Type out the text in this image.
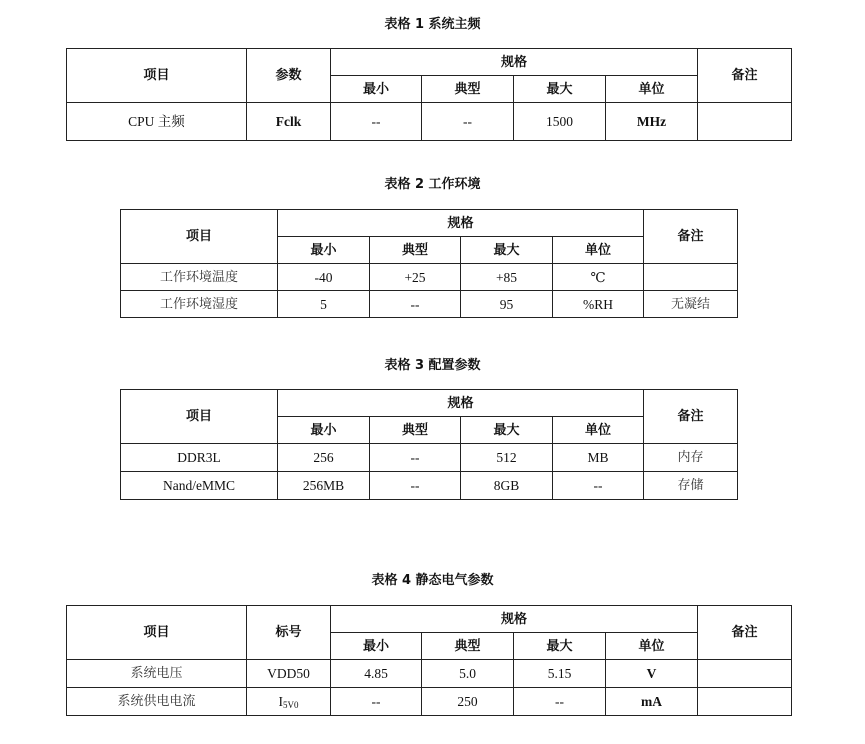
表格 1 系统主频
项目	参数	规格				备注
		最小	典型	最大	单位	
CPU 主频	Fclk	--	--	1500	MHz	
表格 2 工作环境
项目	规格				备注
	最小	典型	最大	单位	
工作环境温度	-40	+25	+85	℃	
工作环境湿度	5	--	95	%RH	无凝结
表格 3 配置参数
项目	规格				备注
	最小	典型	最大	单位	
DDR3L	256	--	512	MB	内存
Nand/eMMC	256MB	--	8GB	--	存储
表格 4 静态电气参数
项目	标号	规格				备注
		最小	典型	最大	单位	
系统电压	VDD50	4.85	5.0	5.15	V	
系统供电电流	$I_{5V0}$	--	250	--	mA	
